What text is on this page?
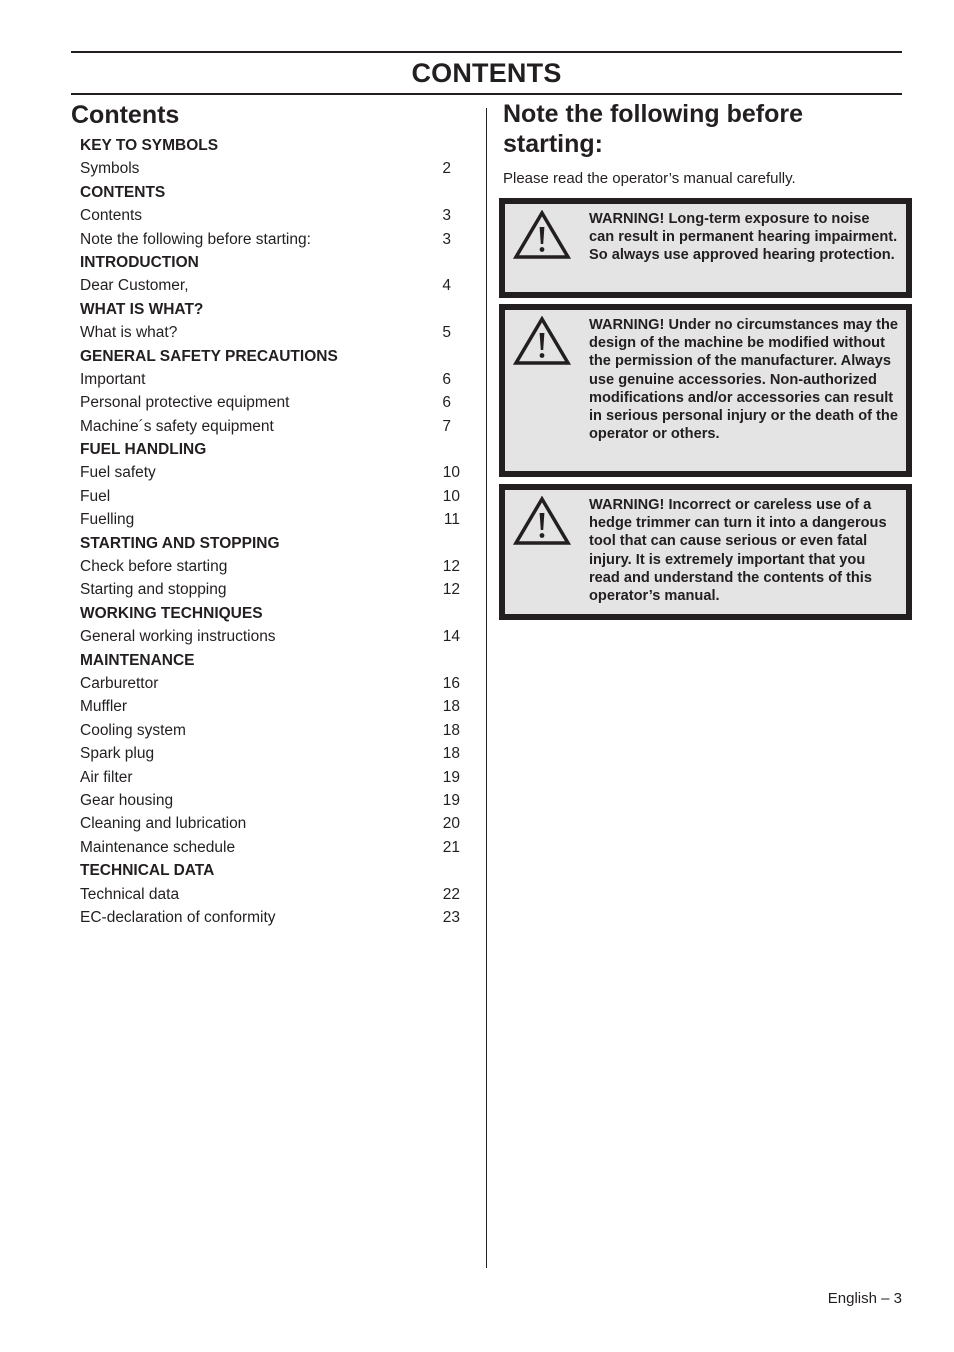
CONTENTS
Contents
KEY TO SYMBOLS
Symbols	2
CONTENTS
Contents	3
Note the following before starting:	3
INTRODUCTION
Dear Customer,	4
WHAT IS WHAT?
What is what?	5
GENERAL SAFETY PRECAUTIONS
Important	6
Personal protective equipment	6
Machine´s safety equipment	7
FUEL HANDLING
Fuel safety	10
Fuel	10
Fuelling	11
STARTING AND STOPPING
Check before starting	12
Starting and stopping	12
WORKING TECHNIQUES
General working instructions	14
MAINTENANCE
Carburettor	16
Muffler	18
Cooling system	18
Spark plug	18
Air filter	19
Gear housing	19
Cleaning and lubrication	20
Maintenance schedule	21
TECHNICAL DATA
Technical data	22
EC-declaration of conformity	23
Note the following before starting:
Please read the operator’s manual carefully.
WARNING! Long-term exposure to noise can result in permanent hearing impairment. So always use approved hearing protection.
WARNING! Under no circumstances may the design of the machine be modified without the permission of the manufacturer. Always use genuine accessories. Non-authorized modifications and/or accessories can result in serious personal injury or the death of the operator or others.
WARNING! Incorrect or careless use of a hedge trimmer can turn it into a dangerous tool that can cause serious or even fatal injury. It is extremely important that you read and understand the contents of this operator’s manual.
English – 3
